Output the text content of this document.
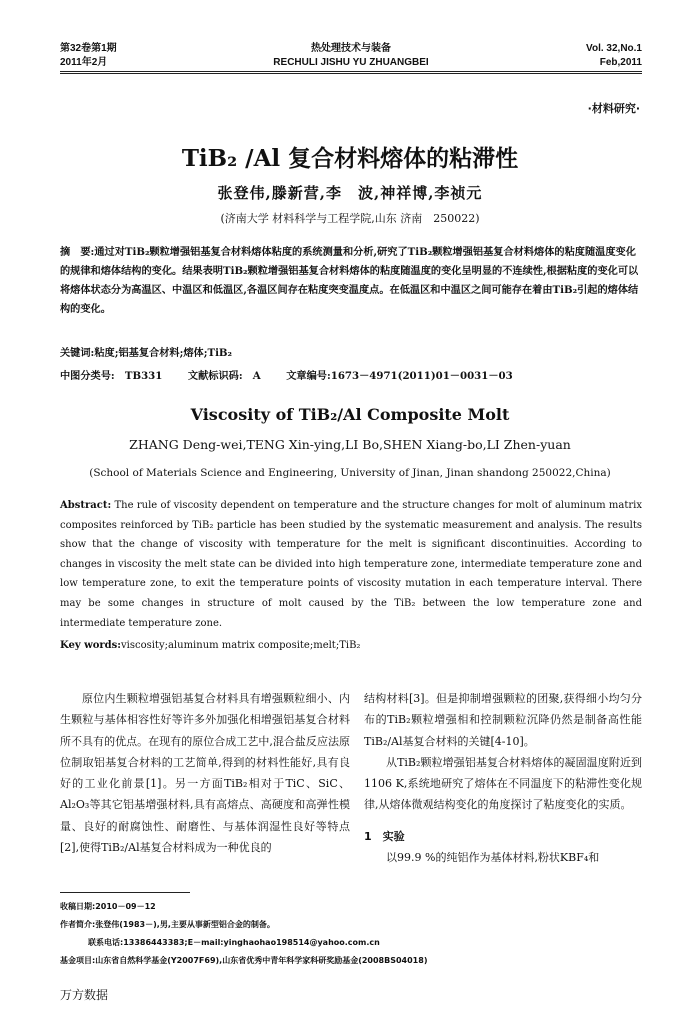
第32卷第1期
2011年2月
热处理技术与装备
RECHULI JISHU YU ZHUANGBEI
Vol. 32,No.1
Feb,2011
·材料研究·
TiB₂ /Al 复合材料熔体的粘滞性
张登伟,滕新营,李　波,神祥博,李祯元
(济南大学 材料科学与工程学院,山东 济南　250022)
摘　要:通过对TiB₂颗粒增强铝基复合材料熔体粘度的系统测量和分析,研究了TiB₂颗粒增强铝基复合材料熔体的粘度随温度变化的规律和熔体结构的变化。结果表明TiB₂颗粒增强铝基复合材料熔体的粘度随温度的变化呈明显的不连续性,根据粘度的变化可以将熔体状态分为高温区、中温区和低温区,各温区间存在粘度突变温度点。在低温区和中温区之间可能存在着由TiB₂引起的熔体结构的变化。
关键词:粘度;铝基复合材料;熔体;TiB₂
中图分类号:　TB331	文献标识码:　A	文章编号:1673－4971(2011)01－0031－03
Viscosity of TiB₂/Al Composite Molt
ZHANG Deng-wei,TENG Xin-ying,LI Bo,SHEN Xiang-bo,LI Zhen-yuan
(School of Materials Science and Engineering, University of Jinan, Jinan shandong 250022,China)
Abstract: The rule of viscosity dependent on temperature and the structure changes for molt of aluminum matrix composites reinforced by TiB₂ particle has been studied by the systematic measurement and analysis. The results show that the change of viscosity with temperature for the melt is significant discontinuities. According to changes in viscosity the melt state can be divided into high temperature zone, intermediate temperature zone and low temperature zone, to exit the temperature points of viscosity mutation in each temperature interval. There may be some changes in structure of molt caused by the TiB₂ between the low temperature zone and intermediate temperature zone.
Key words:viscosity;aluminum matrix composite;melt;TiB₂

原位内生颗粒增强铝基复合材料具有增强颗粒细小、内生颗粒与基体相容性好等许多外加强化相增强铝基复合材料所不具有的优点。在现有的原位合成工艺中,混合盐反应法原位制取铝基复合材料的工艺简单,得到的材料性能好,具有良好的工业化前景[1]。另一方面TiB₂相对于TiC、SiC、Al₂O₃等其它铝基增强材料,具有高熔点、高硬度和高弹性模量、良好的耐腐蚀性、耐磨性、与基体润湿性良好等特点[2],使得TiB₂/Al基复合材料成为一种优良的

结构材料[3]。但是抑制增强颗粒的团聚,获得细小均匀分布的TiB₂颗粒增强相和控制颗粒沉降仍然是制备高性能TiB₂/Al基复合材料的关键[4-10]。

从TiB₂颗粒增强铝基复合材料熔体的凝固温度附近到1106 K,系统地研究了熔体在不同温度下的粘滞性变化规律,从熔体微观结构变化的角度探讨了粘度变化的实质。

1　实验

以99.9 %的纯铝作为基体材料,粉状KBF₄和

收稿日期:2010－09－12
作者简介:张登伟(1983－),男,主要从事新型铝合金的制备。
联系电话:13386443383;E－mail:yinghaohao198514@yahoo.com.cn
基金项目:山东省自然科学基金(Y2007F69),山东省优秀中青年科学家科研奖励基金(2008BS04018)
万方数据
